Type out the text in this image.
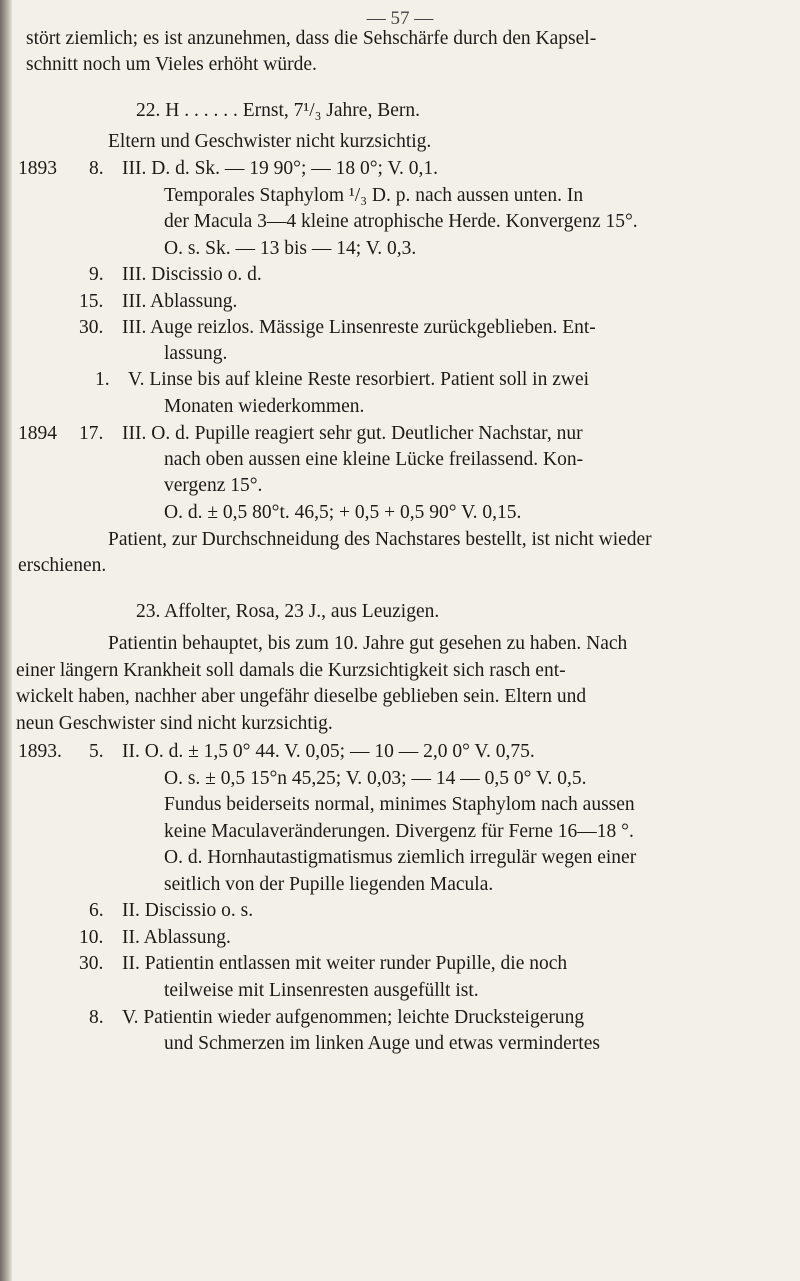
— 57 —
stört ziemlich; es ist anzunehmen, dass die Sehschärfe durch den Kapsel-
schnitt noch um Vieles erhöht würde.
22. H . . . . . . Ernst, 7¹/₃ Jahre, Bern.
Eltern und Geschwister nicht kurzsichtig.
1893 8. III. D. d. Sk. — 19 90°; — 18 0°; V. 0,1.
Temporales Staphylom ¹/₃ D. p. nach aussen unten. In
der Macula 3—4 kleine atrophische Herde. Konvergenz 15°.
O. s. Sk. — 13 bis — 14; V. 0,3.
9. III. Discissio o. d.
15. III. Ablassung.
30. III. Auge reizlos. Mässige Linsenreste zurückgeblieben. Ent-
lassung.
1. V. Linse bis auf kleine Reste resorbiert. Patient soll in zwei
Monaten wiederkommen.
1894 17. III. O. d. Pupille reagiert sehr gut. Deutlicher Nachstar, nur
nach oben aussen eine kleine Lücke freilassend. Kon-
vergenz 15°.
O. d. ± 0,5 80°t. 46,5; + 0,5 + 0,5 90° V. 0,15.
Patient, zur Durchschneidung des Nachstares bestellt, ist nicht wieder
erschienen.
23. Affolter, Rosa, 23 J., aus Leuzigen.
Patientin behauptet, bis zum 10. Jahre gut gesehen zu haben. Nach
einer längern Krankheit soll damals die Kurzsichtigkeit sich rasch ent-
wickelt haben, nachher aber ungefähr dieselbe geblieben sein. Eltern und
neun Geschwister sind nicht kurzsichtig.
1893. 5. II. O. d. ± 1,5 0° 44. V. 0,05; — 10 — 2,0 0° V. 0,75.
O. s. ± 0,5 15°n 45,25; V. 0,03; — 14 — 0,5 0° V. 0,5.
Fundus beiderseits normal, minimes Staphylom nach aussen
keine Maculaveränderungen. Divergenz für Ferne 16—18 °.
O. d. Hornhautastigmatismus ziemlich irregulär wegen einer
seitlich von der Pupille liegenden Macula.
6. II. Discissio o. s.
10. II. Ablassung.
30. II. Patientin entlassen mit weiter runder Pupille, die noch
teilweise mit Linsenresten ausgefüllt ist.
8. V. Patientin wieder aufgenommen; leichte Drucksteigerung
und Schmerzen im linken Auge und etwas vermindertes
